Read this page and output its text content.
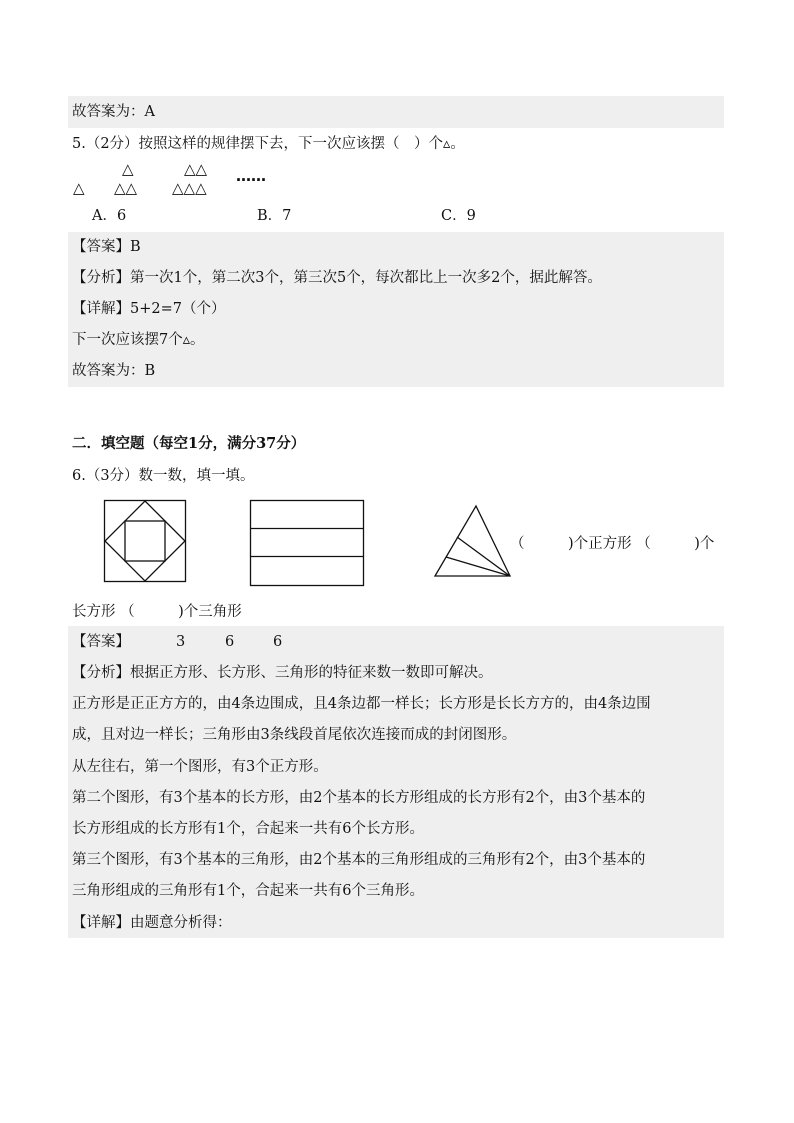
故答案为：A
5.（2分）按照这样的规律摆下去，下一次应该摆（　）个▵。
△	△△
△ △△ △△△
……
A．6	B．7	C．9
【答案】B
【分析】第一次1个，第二次3个，第三次5个，每次都比上一次多2个，据此解答。
【详解】5+2=7（个）
下一次应该摆7个▵。
故答案为：B
二．填空题（每空1分，满分37分）
6.（3分）数一数，填一填。
（　　　)个正方形 （　　　)个
长方形 （　　　)个三角形
【答案】	3	6	6
【分析】根据正方形、长方形、三角形的特征来数一数即可解决。
正方形是正正方方的，由4条边围成，且4条边都一样长；长方形是长长方方的，由4条边围
成，且对边一样长；三角形由3条线段首尾依次连接而成的封闭图形。
从左往右，第一个图形，有3个正方形。
第二个图形，有3个基本的长方形，由2个基本的长方形组成的长方形有2个，由3个基本的
长方形组成的长方形有1个，合起来一共有6个长方形。
第三个图形，有3个基本的三角形，由2个基本的三角形组成的三角形有2个，由3个基本的
三角形组成的三角形有1个，合起来一共有6个三角形。
【详解】由题意分析得：
